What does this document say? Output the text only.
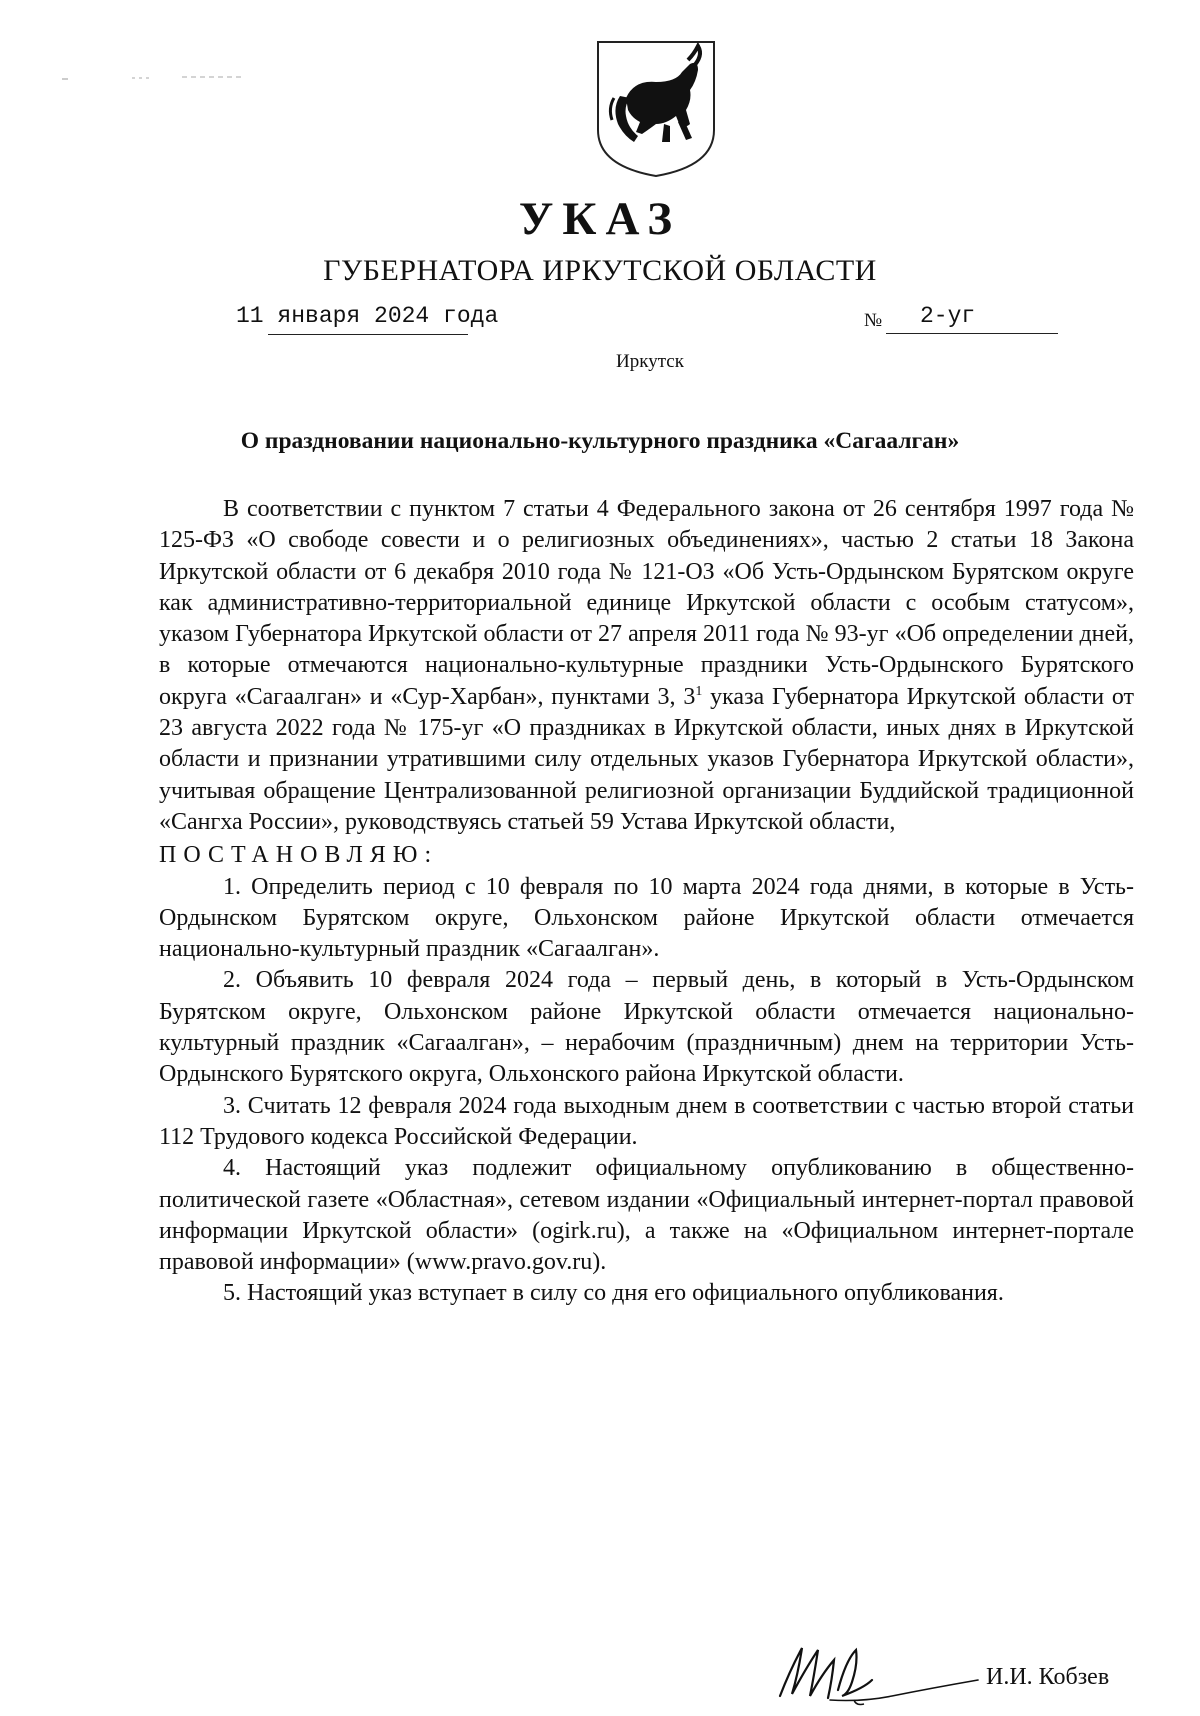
УКАЗ
ГУБЕРНАТОРА ИРКУТСКОЙ ОБЛАСТИ
11 января 2024 года	№ 2-уг
Иркутск
О праздновании национально-культурного праздника «Сагаалган»

В соответствии с пунктом 7 статьи 4 Федерального закона от 26 сентября 1997 года № 125-ФЗ «О свободе совести и о религиозных объединениях», частью 2 статьи 18 Закона Иркутской области от 6 декабря 2010 года № 121-ОЗ «Об Усть-Ордынском Бурятском округе как административно-территориальной единице Иркутской области с особым статусом», указом Губернатора Иркутской области от 27 апреля 2011 года № 93-уг «Об определении дней, в которые отмечаются национально-культурные праздники Усть-Ордынского Бурятского округа «Сагаалган» и «Сур-Харбан», пунктами 3, $3^1$ указа Губернатора Иркутской области от 23 августа 2022 года № 175-уг «О праздниках в Иркутской области, иных днях в Иркутской области и признании утратившими силу отдельных указов Губернатора Иркутской области», учитывая обращение Централизованной религиозной организации Буддийской традиционной «Сангха России», руководствуясь статьей 59 Устава Иркутской области,

ПОСТАНОВЛЯЮ:

1. Определить период с 10 февраля по 10 марта 2024 года днями, в которые в Усть-Ордынском Бурятском округе, Ольхонском районе Иркутской области отмечается национально-культурный праздник «Сагаалган».

2. Объявить 10 февраля 2024 года – первый день, в который в Усть-Ордынском Бурятском округе, Ольхонском районе Иркутской области отмечается национально-культурный праздник «Сагаалган», – нерабочим (праздничным) днем на территории Усть-Ордынского Бурятского округа, Ольхонского района Иркутской области.

3. Считать 12 февраля 2024 года выходным днем в соответствии с частью второй статьи 112 Трудового кодекса Российской Федерации.

4. Настоящий указ подлежит официальному опубликованию в общественно-политической газете «Областная», сетевом издании «Официальный интернет-портал правовой информации Иркутской области» (ogirk.ru), а также на «Официальном интернет-портале правовой информации» (www.pravo.gov.ru).

5. Настоящий указ вступает в силу со дня его официального опубликования.

И.И. Кобзев
